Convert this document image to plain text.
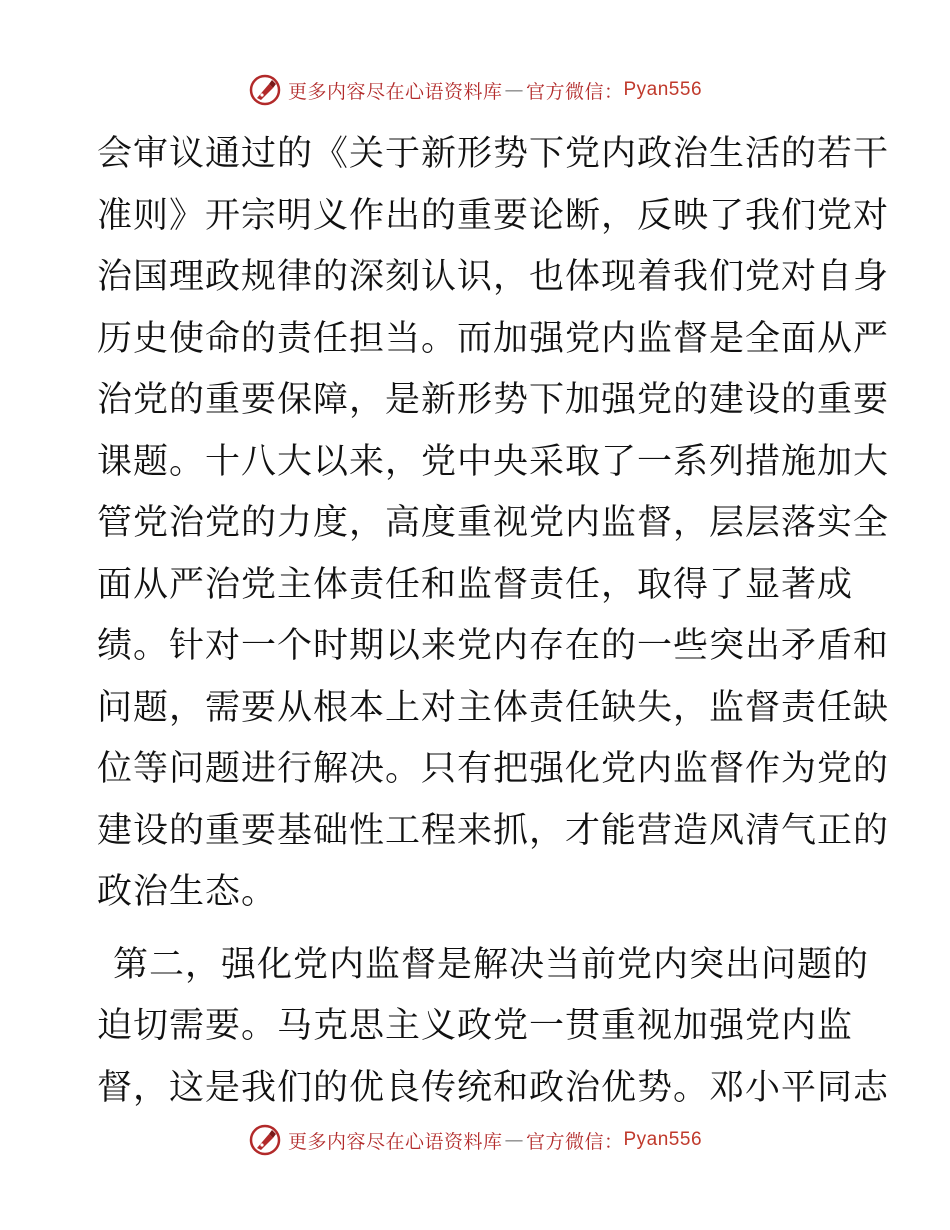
更多内容尽在心语资料库 — 官方微信： Pyan556
会审议通过的《关于新形势下党内政治生活的若干
准则》开宗明义作出的重要论断，反映了我们党对
治国理政规律的深刻认识，也体现着我们党对自身
历史使命的责任担当。而加强党内监督是全面从严
治党的重要保障，是新形势下加强党的建设的重要
课题。十八大以来，党中央采取了一系列措施加大
管党治党的力度，高度重视党内监督，层层落实全
面从严治党主体责任和监督责任，取得了显著成
绩。针对一个时期以来党内存在的一些突出矛盾和
问题，需要从根本上对主体责任缺失，监督责任缺
位等问题进行解决。只有把强化党内监督作为党的
建设的重要基础性工程来抓，才能营造风清气正的
政治生态。
第二，强化党内监督是解决当前党内突出问题的
迫切需要。马克思主义政党一贯重视加强党内监
督，这是我们的优良传统和政治优势。邓小平同志
更多内容尽在心语资料库 — 官方微信： Pyan556
